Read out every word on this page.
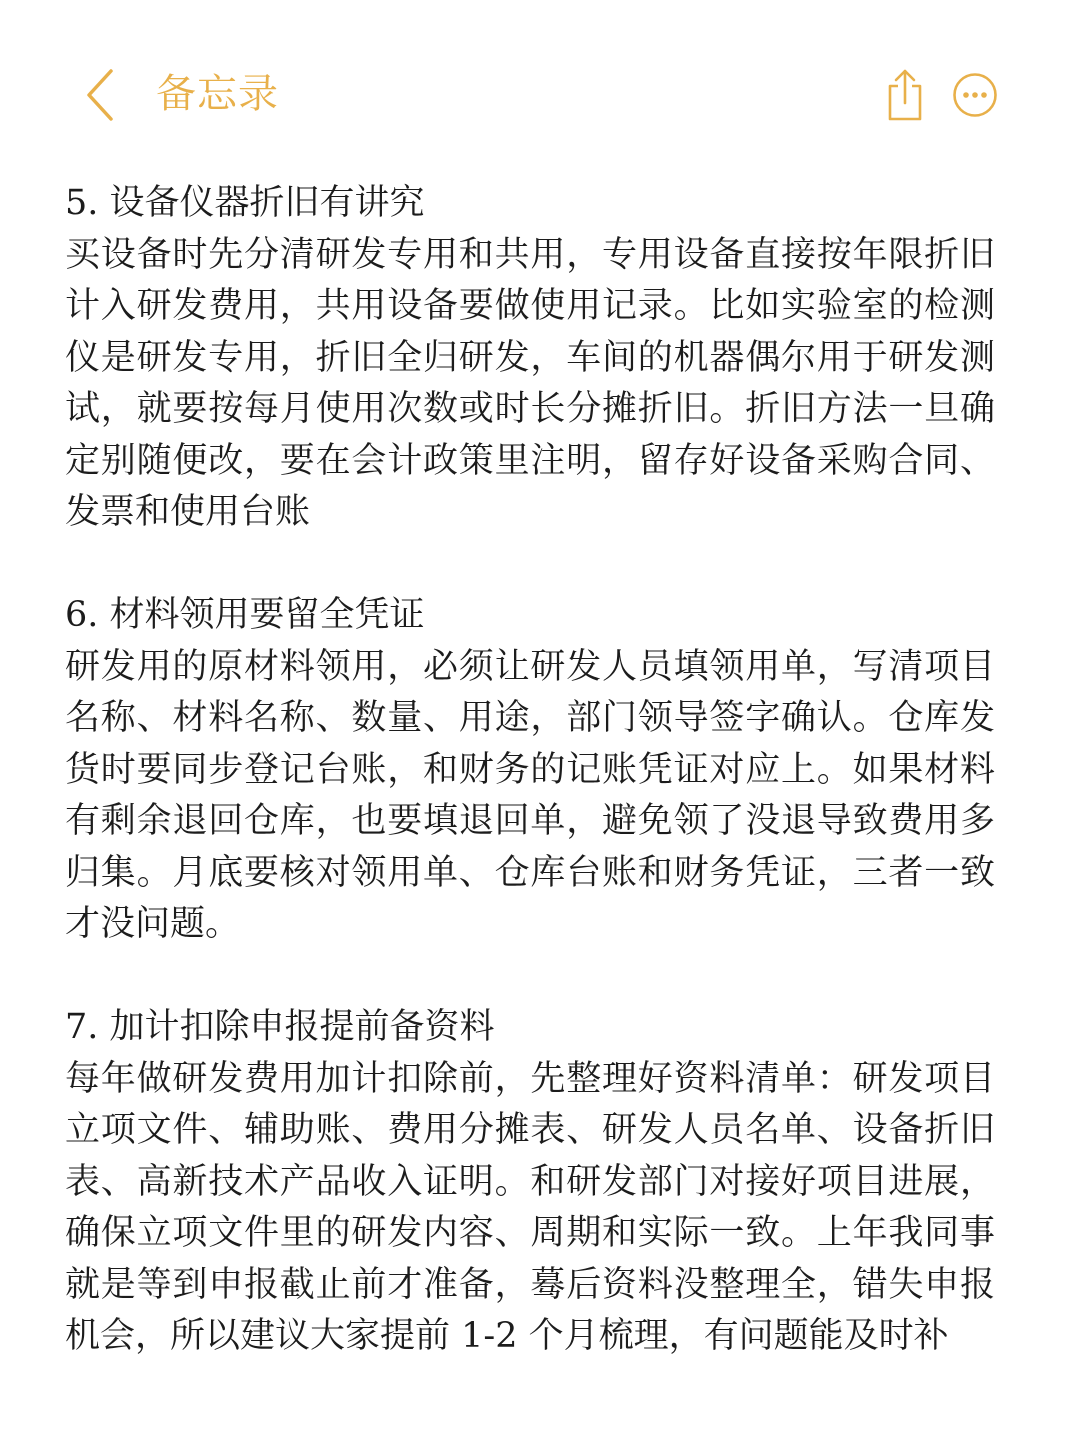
备忘录

5. 设备仪器折旧有讲究

买设备时先分清研发专用和共用，专用设备直接按年限折旧计入研发费用，共用设备要做使用记录。比如实验室的检测仪是研发专用，折旧全归研发，车间的机器偶尔用于研发测试，就要按每月使用次数或时长分摊折旧。折旧方法一旦确定别随便改，要在会计政策里注明，留存好设备采购合同、发票和使用台账

6. 材料领用要留全凭证

研发用的原材料领用，必须让研发人员填领用单，写清项目名称、材料名称、数量、用途，部门领导签字确认。仓库发货时要同步登记台账，和财务的记账凭证对应上。如果材料有剩余退回仓库，也要填退回单，避免领了没退导致费用多归集。月底要核对领用单、仓库台账和财务凭证，三者一致才没问题。

7. 加计扣除申报提前备资料

每年做研发费用加计扣除前，先整理好资料清单：研发项目立项文件、辅助账、费用分摊表、研发人员名单、设备折旧表、高新技术产品收入证明。和研发部门对接好项目进展，确保立项文件里的研发内容、周期和实际一致。上年我同事就是等到申报截止前才准备，蓦后资料没整理全，错失申报机会，所以建议大家提前 1-2 个月梳理，有问题能及时补
